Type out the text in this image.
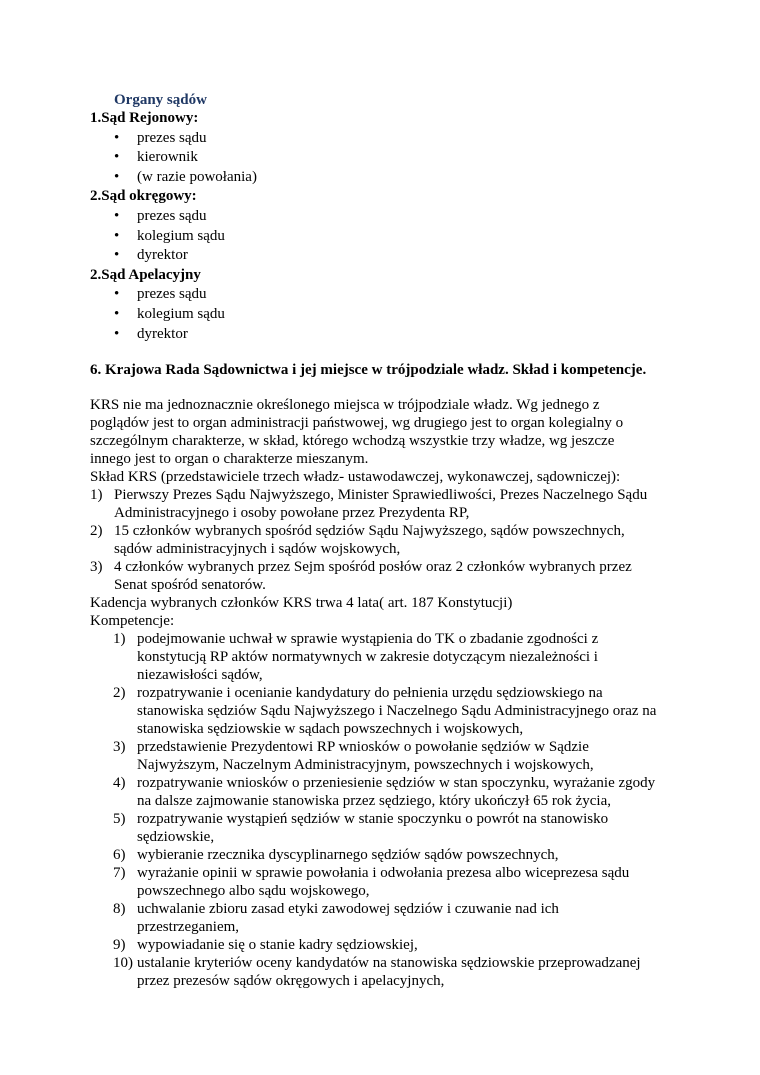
Organy sądów
1.Sąd Rejonowy:
• prezes sądu
• kierownik
• (w razie powołania)
2.Sąd okręgowy:
• prezes sądu
• kolegium sądu
• dyrektor
2.Sąd Apelacyjny
• prezes sądu
• kolegium sądu
• dyrektor
6. Krajowa Rada Sądownictwa i jej miejsce w trójpodziale władz. Skład i kompetencje.
KRS nie ma jednoznacznie określonego miejsca w trójpodziale władz. Wg jednego z
poglądów jest to organ administracji państwowej, wg drugiego jest to organ kolegialny o
szczególnym charakterze, w skład, którego wchodzą wszystkie trzy władze, wg jeszcze
innego jest to organ o charakterze mieszanym.
Skład KRS (przedstawiciele trzech władz- ustawodawczej, wykonawczej, sądowniczej):
1) Pierwszy Prezes Sądu Najwyższego, Minister Sprawiedliwości, Prezes Naczelnego Sądu
Administracyjnego i osoby powołane przez Prezydenta RP,
2) 15 członków wybranych spośród sędziów Sądu Najwyższego, sądów powszechnych,
sądów administracyjnych i sądów wojskowych,
3) 4 członków wybranych przez Sejm spośród posłów oraz 2 członków wybranych przez
Senat spośród senatorów.
Kadencja wybranych członków KRS trwa 4 lata( art. 187 Konstytucji)
Kompetencje:
1) podejmowanie uchwał w sprawie wystąpienia do TK o zbadanie zgodności z
konstytucją RP aktów normatywnych w zakresie dotyczącym niezależności i
niezawisłości sądów,
2) rozpatrywanie i ocenianie kandydatury do pełnienia urzędu sędziowskiego na
stanowiska sędziów Sądu Najwyższego i Naczelnego Sądu Administracyjnego oraz na
stanowiska sędziowskie w sądach powszechnych i wojskowych,
3) przedstawienie Prezydentowi RP wniosków o powołanie sędziów w Sądzie
Najwyższym, Naczelnym Administracyjnym, powszechnych i wojskowych,
4) rozpatrywanie wniosków o przeniesienie sędziów w stan spoczynku, wyrażanie zgody
na dalsze zajmowanie stanowiska przez sędziego, który ukończył 65 rok życia,
5) rozpatrywanie wystąpień sędziów w stanie spoczynku o powrót na stanowisko
sędziowskie,
6) wybieranie rzecznika dyscyplinarnego sędziów sądów powszechnych,
7) wyrażanie opinii w sprawie powołania i odwołania prezesa albo wiceprezesa sądu
powszechnego albo sądu wojskowego,
8) uchwalanie zbioru zasad etyki zawodowej sędziów i czuwanie nad ich
przestrzeganiem,
9) wypowiadanie się o stanie kadry sędziowskiej,
10) ustalanie kryteriów oceny kandydatów na stanowiska sędziowskie przeprowadzanej
przez prezesów sądów okręgowych i apelacyjnych,
